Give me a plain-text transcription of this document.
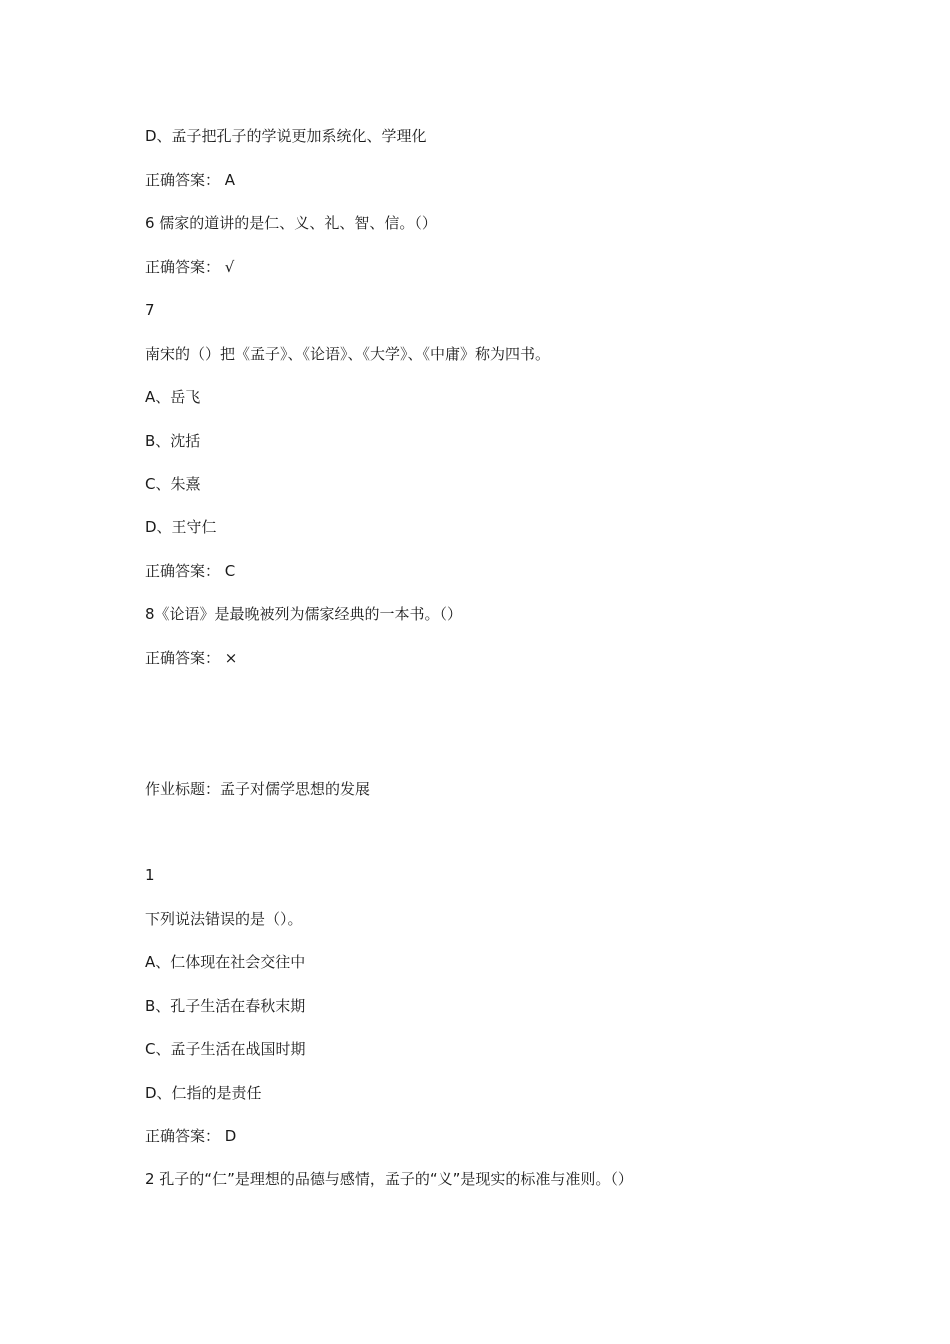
D、孟子把孔子的学说更加系统化、学理化
正确答案： A
6 儒家的道讲的是仁、义、礼、智、信。（）
正确答案： √
7
南宋的（）把《孟子》、《论语》、《大学》、《中庸》称为四书。
A、岳飞
B、沈括
C、朱熹
D、王守仁
正确答案： C
8《论语》是最晚被列为儒家经典的一本书。（）
正确答案： ×
作业标题：孟子对儒学思想的发展
1
下列说法错误的是（）。
A、仁体现在社会交往中
B、孔子生活在春秋末期
C、孟子生活在战国时期
D、仁指的是责任
正确答案： D
2 孔子的“仁”是理想的品德与感情，孟子的“义”是现实的标准与准则。（）
